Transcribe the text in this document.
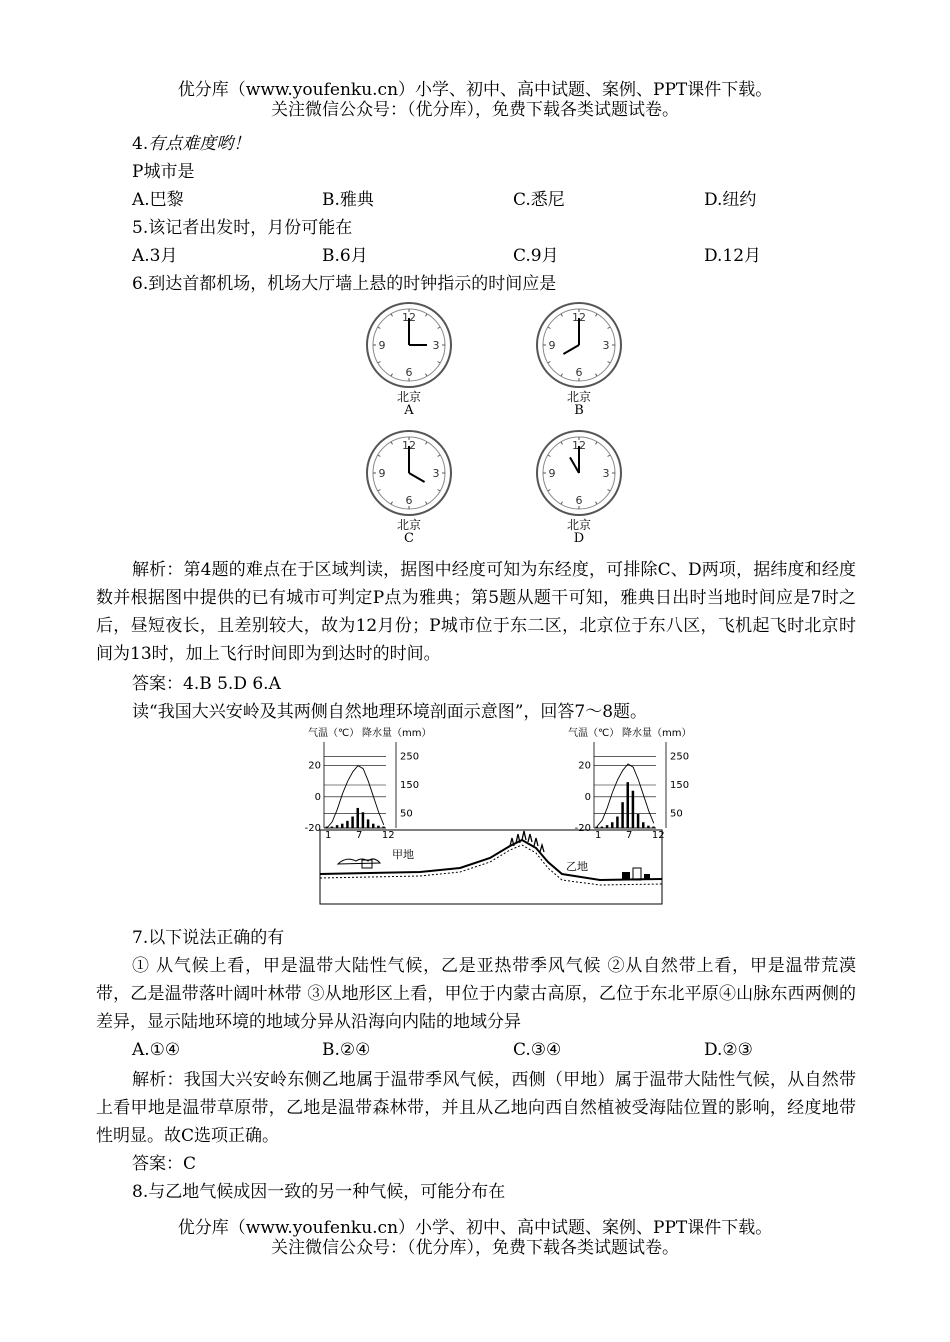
优分库（www.youfenku.cn）小学、初中、高中试题、案例、PPT课件下载。
关注微信公众号：（优分库），免费下载各类试题试卷。
4.有点难度哟！
P城市是
A.巴黎	B.雅典	C.悉尼	D.纽约
5.该记者出发时，月份可能在
A.3月	B.6月	C.9月	D.12月
6.到达首都机场，机场大厅墙上悬的时钟指示的时间应是
12
3
6
9
北京
A
12
3
6
9
北京
B
12
3
6
9
北京
C
12
3
6
9
北京
D
解析：第4题的难点在于区域判读，据图中经度可知为东经度，可排除C、D两项，据纬度和经度数并根据图中提供的已有城市可判定P点为雅典；第5题从题干可知，雅典日出时当地时间应是7时之后，昼短夜长，且差别较大，故为12月份；P城市位于东二区，北京位于东八区，飞机起飞时北京时间为13时，加上飞行时间即为到达时的时间。
答案：4.B 5.D 6.A
读“我国大兴安岭及其两侧自然地理环境剖面示意图”，回答7～8题。
气温（℃） 降水量（mm）
20
0
-20
250
150
50
1 7 12
气温（℃） 降水量（mm）
20
0
-20
250
150
50
1 7 12
甲地
乙地
7.以下说法正确的有
① 从气候上看，甲是温带大陆性气候，乙是亚热带季风气候 ②从自然带上看，甲是温带荒漠带，乙是温带落叶阔叶林带 ③从地形区上看，甲位于内蒙古高原，乙位于东北平原④山脉东西两侧的差异，显示陆地环境的地域分异从沿海向内陆的地域分异
A.①④	B.②④	C.③④	D.②③
解析：我国大兴安岭东侧乙地属于温带季风气候，西侧（甲地）属于温带大陆性气候，从自然带上看甲地是温带草原带，乙地是温带森林带，并且从乙地向西自然植被受海陆位置的影响，经度地带性明显。故C选项正确。
答案：C
8.与乙地气候成因一致的另一种气候，可能分布在
优分库（www.youfenku.cn）小学、初中、高中试题、案例、PPT课件下载。
关注微信公众号：（优分库），免费下载各类试题试卷。
